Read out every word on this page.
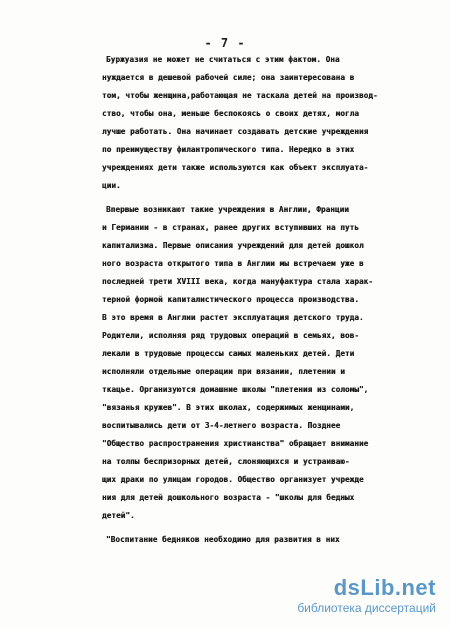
- 7 -
Буржуазия не может не считаться с этим фактом. Она
нуждается в дешевой рабочей силе; она заинтересована в
том, чтобы женщина,работающая не таскала детей на производ-
ство, чтобы она, меньше беспокоясь о своих детях, могла
лучше работать. Она начинает создавать детские учреждения
по преимуществу филантропического типа. Нередко в этих
учреждениях дети также используются как объект эксплуата-
ции.
Впервые возникают такие учреждения в Англии, Франции
и Германии - в странах, ранее других вступивших на путь
капитализма. Первые описания учреждений для детей дошкол
ного возраста открытого типа в Англии мы встречаем уже в
последней трети XVIII века, когда мануфактура стала харак-
терной формой капиталистического процесса производства.
В это время в Англии растет эксплуатация детского труда.
Родители, исполняя ряд трудовых операций в семьях, вов-
лекали в трудовые процессы самых маленьких детей. Дети
исполняли отдельные операции при вязании, плетении и
ткацье. Организуются домашние школы "плетения из соломы",
"вязанья кружев". В этих школах, содержимых женщинами,
воспитывались дети от 3-4-летнего возраста. Позднее
"Общество распространения христианства" обращает внимание
на толпы беспризорных детей, слоняющихся и устраиваю-
щих драки по улицам городов. Общество организует учрежде
ния для детей дошкольного возраста - "школы для бедных
детей".
"Воспитание бедняков необходимо для развития в них
dsLib.net
библиотека диссертаций
